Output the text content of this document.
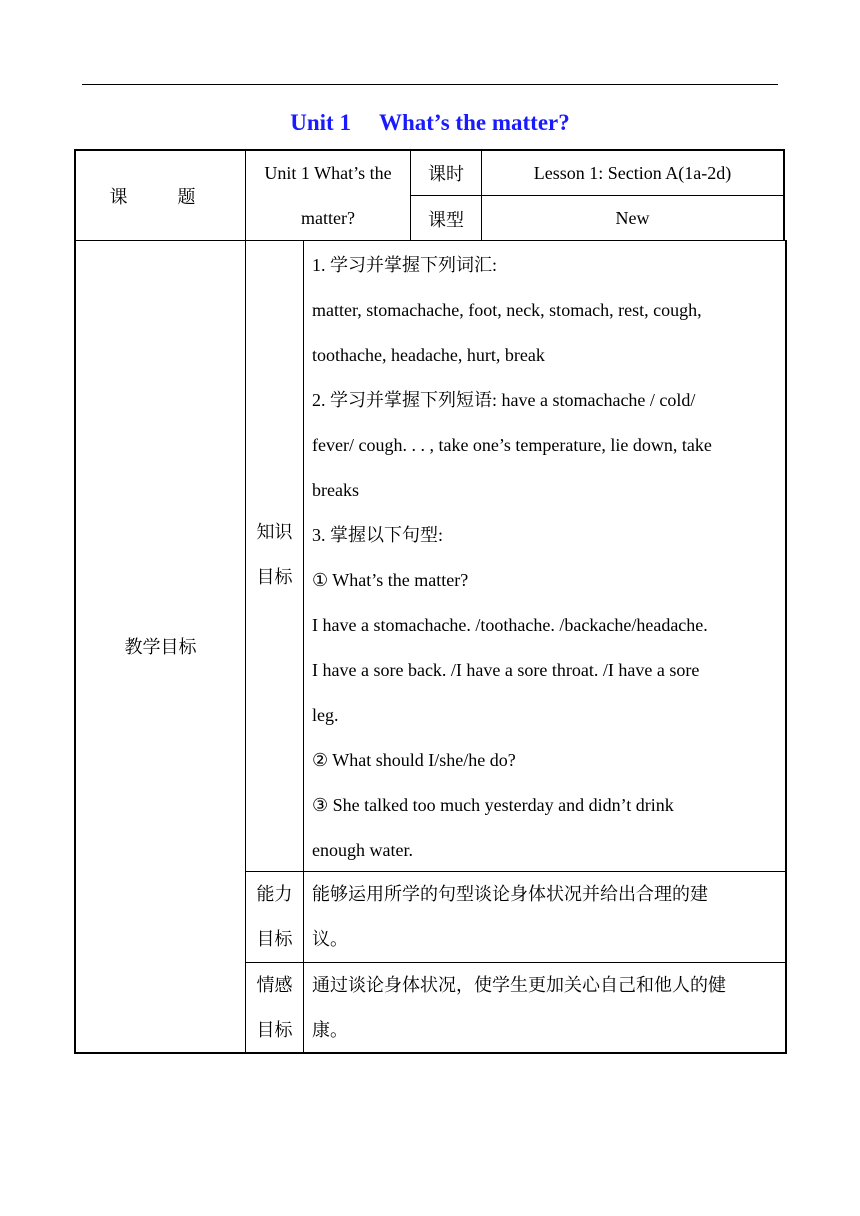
Unit 1 What’s the matter?
课　题
Unit 1 What’s the matter?
课时	Lesson 1: Section A(1a-2d)
课型	New
教学目标
知识
目标
1. 学习并掌握下列词汇:
matter, stomachache, foot, neck, stomach, rest, cough,
toothache, headache, hurt, break
2. 学习并掌握下列短语: have a stomachache / cold/
fever/ cough. . . , take one’s temperature, lie down, take
breaks
3. 掌握以下句型:
① What’s the matter?
I have a stomachache. /toothache. /backache/headache.
I have a sore back. /I have a sore throat. /I have a sore
leg.
② What should I/she/he do?
③ She talked too much yesterday and didn’t drink
enough water.
能力
目标
能够运用所学的句型谈论身体状况并给出合理的建
议。
情感
目标
通过谈论身体状况，使学生更加关心自己和他人的健
康。
